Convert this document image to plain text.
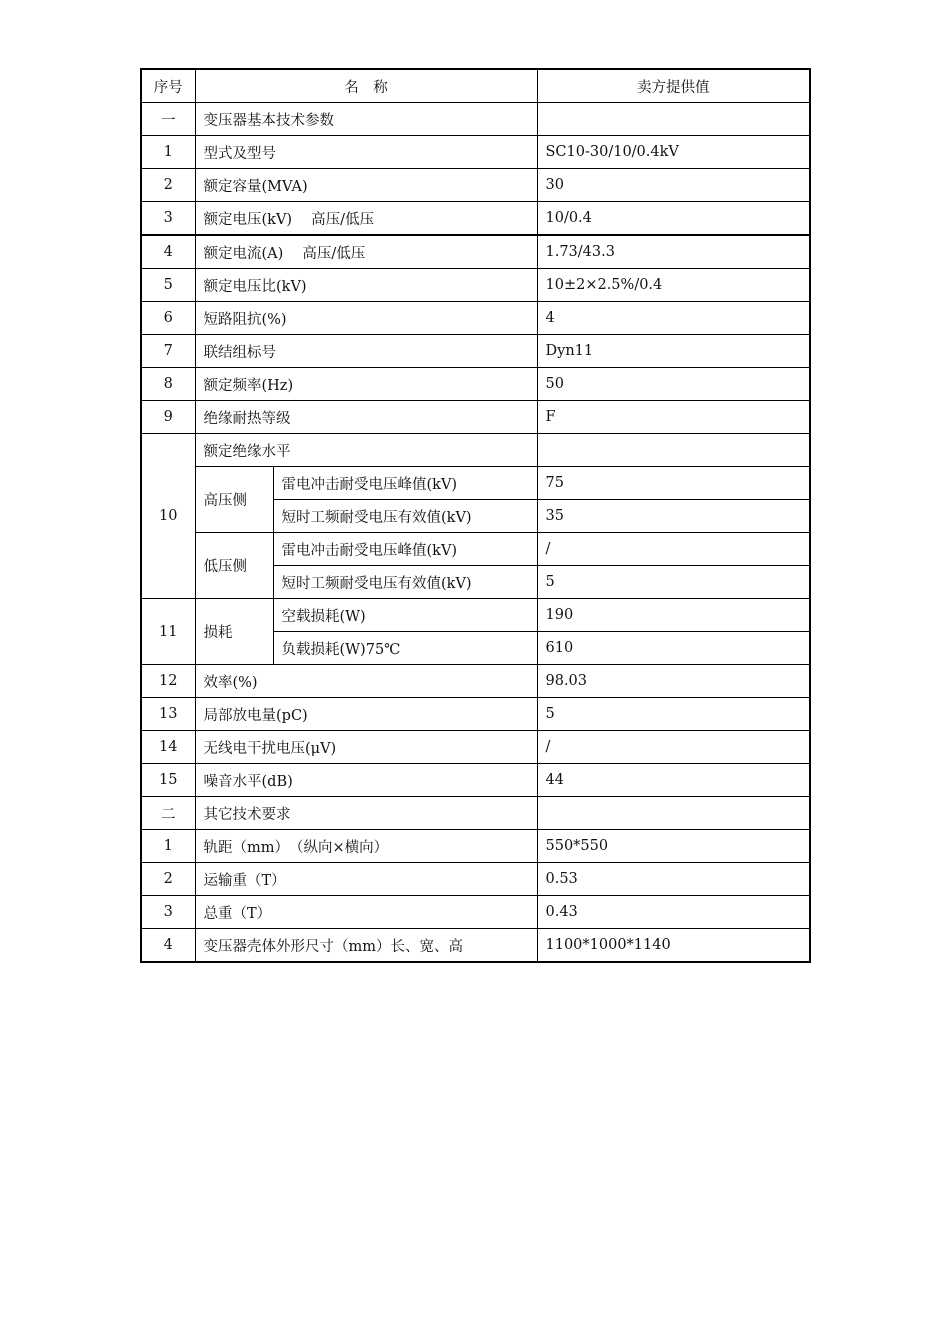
序号	名　称		卖方提供值
一	变压器基本技术参数		
1	型式及型号		SC10-30/10/0.4kV
2	额定容量(MVA)		30
3	额定电压(kV)　 高压/低压		10/0.4
4	额定电流(A)　 高压/低压		1.73/43.3
5	额定电压比(kV)		10±2×2.5%/0.4
6	短路阻抗(%)		4
7	联结组标号		Dyn11
8	额定频率(Hz)		50
9	绝缘耐热等级		F
10	额定绝缘水平		
	高压侧	雷电冲击耐受电压峰值(kV)	75
		短时工频耐受电压有效值(kV)	35
	低压侧	雷电冲击耐受电压峰值(kV)	/
		短时工频耐受电压有效值(kV)	5
11	损耗	空载损耗(W)	190
		负载损耗(W)75℃	610
12	效率(%)		98.03
13	局部放电量(pC)		5
14	无线电干扰电压(μV)		/
15	噪音水平(dB)		44
二	其它技术要求		
1	轨距（mm）　（纵向×横向）		550*550
2	运输重（T）		0.53
3	总重（T）		0.43
4	变压器壳体外形尺寸（mm）长、宽、高		1100*1000*1140
